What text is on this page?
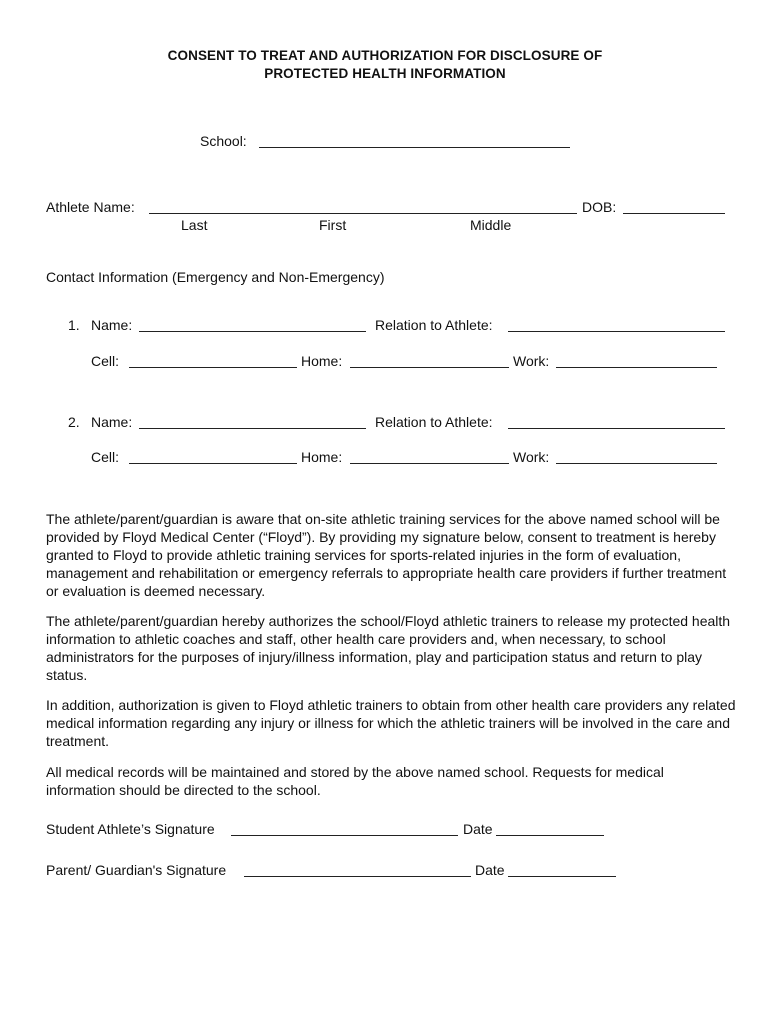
CONSENT TO TREAT AND AUTHORIZATION FOR DISCLOSURE OF
PROTECTED HEALTH INFORMATION
School:
Athlete Name:	DOB:
Last	First	Middle
Contact Information (Emergency and Non-Emergency)
1. Name:	Relation to Athlete:
Cell:	Home:	Work:
2. Name:	Relation to Athlete:
Cell:	Home:	Work:
The athlete/parent/guardian is aware that on-site athletic training services for the above named school will be provided by Floyd Medical Center (“Floyd”). By providing my signature below, consent to treatment is hereby granted to Floyd to provide athletic training services for sports-related injuries in the form of evaluation, management and rehabilitation or emergency referrals to appropriate health care providers if further treatment or evaluation is deemed necessary.
The athlete/parent/guardian hereby authorizes the school/Floyd athletic trainers to release my protected health information to athletic coaches and staff, other health care providers and, when necessary, to school administrators for the purposes of injury/illness information, play and participation status and return to play status.
In addition, authorization is given to Floyd athletic trainers to obtain from other health care providers any related medical information regarding any injury or illness for which the athletic trainers will be involved in the care and treatment.
All medical records will be maintained and stored by the above named school. Requests for medical information should be directed to the school.
Student Athlete’s Signature	Date
Parent/ Guardian's Signature	Date
